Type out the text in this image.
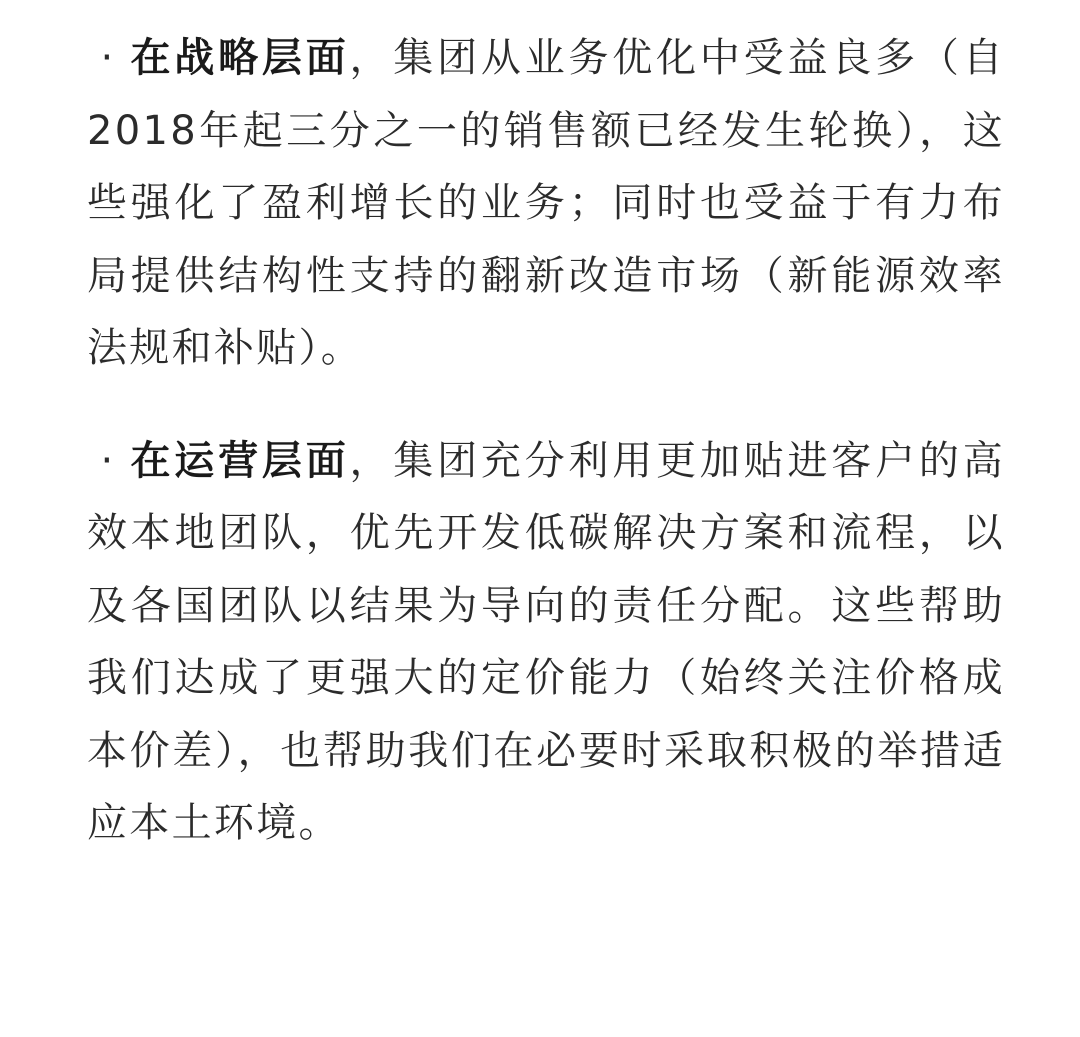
· 在战略层面，集团从业务优化中受益良多（自2018年起三分之一的销售额已经发生轮换），这些强化了盈利增长的业务；同时也受益于有力布局提供结构性支持的翻新改造市场（新能源效率法规和补贴）。

· 在运营层面，集团充分利用更加贴进客户的高效本地团队，优先开发低碳解决方案和流程，以及各国团队以结果为导向的责任分配。这些帮助我们达成了更强大的定价能力（始终关注价格成本价差），也帮助我们在必要时采取积极的举措适应本土环境。
